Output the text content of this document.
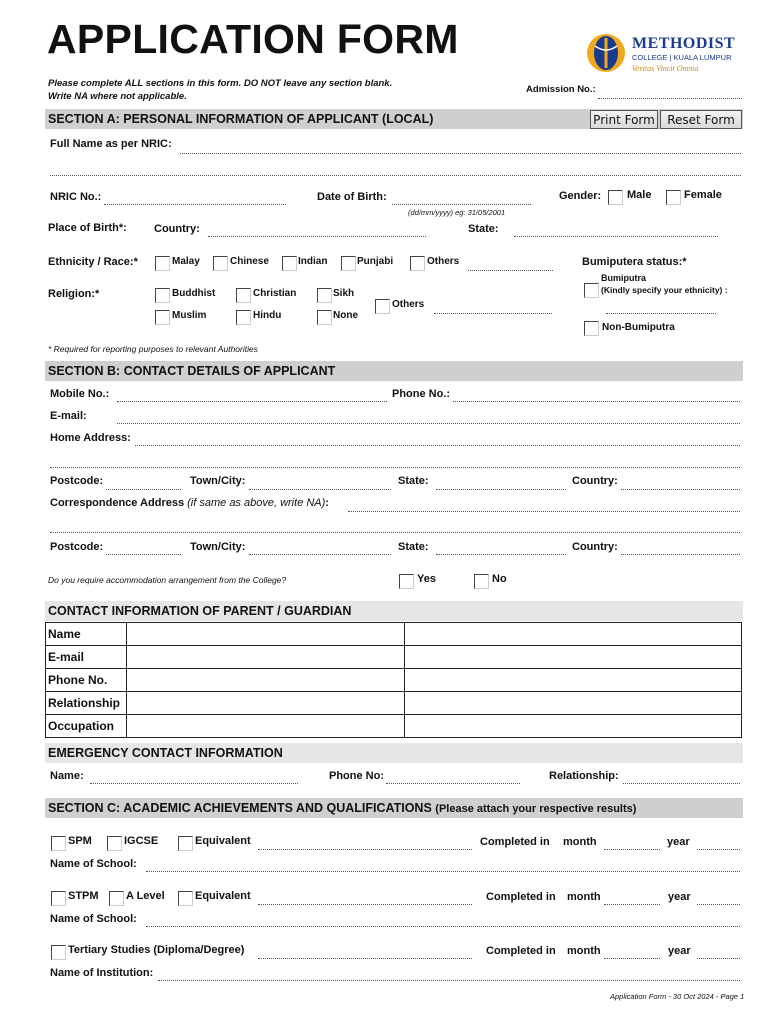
APPLICATION FORM	METHODIST
COLLEGE | KUALA LUMPUR
Veritas Vincit Omnia
Please complete ALL sections in this form. DO NOT leave any section blank.
Write NA where not applicable.
Admission No.:
SECTION A: PERSONAL INFORMATION OF APPLICANT (LOCAL)	Print Form	Reset Form
Full Name as per NRIC:
NRIC No.:	Date of Birth:
(dd/mm/yyyy) eg: 31/05/2001
Gender: Male	Female
Place of Birth*: Country:	State:
Ethnicity / Race:*	Malay	Chinese	Indian	Punjabi	Others	Bumiputera status:*
Bumiputra
(Kindly specify your ethnicity) :
Non-Bumiputra
Religion:*	Buddhist	Christian	Sikh
Muslim	Hindu	None
Others
* Required for reporting purposes to relevant Authorities
SECTION B: CONTACT DETAILS OF APPLICANT
Mobile No.:	Phone No.:
E-mail:
Home Address:
Postcode:	Town/City:	State:	Country:
Correspondence Address (if same as above, write NA):
Postcode:	Town/City:	State:	Country:
Do you require accommodation arrangement from the College?	Yes	No
CONTACT INFORMATION OF PARENT / GUARDIAN
Name		
E-mail		
Phone No.		
Relationship		
Occupation		
EMERGENCY CONTACT INFORMATION
Name:	Phone No:	Relationship:
SECTION C: ACADEMIC ACHIEVEMENTS AND QUALIFICATIONS (Please attach your respective results)
SPM	IGCSE	Equivalent	Completed in month	year
Name of School:
STPM A Level	Equivalent	Completed in month	year
Name of School:
Tertiary Studies (Diploma/Degree)	Completed in month	year
Name of Institution:
Application Form - 30 Oct 2024 - Page 1
